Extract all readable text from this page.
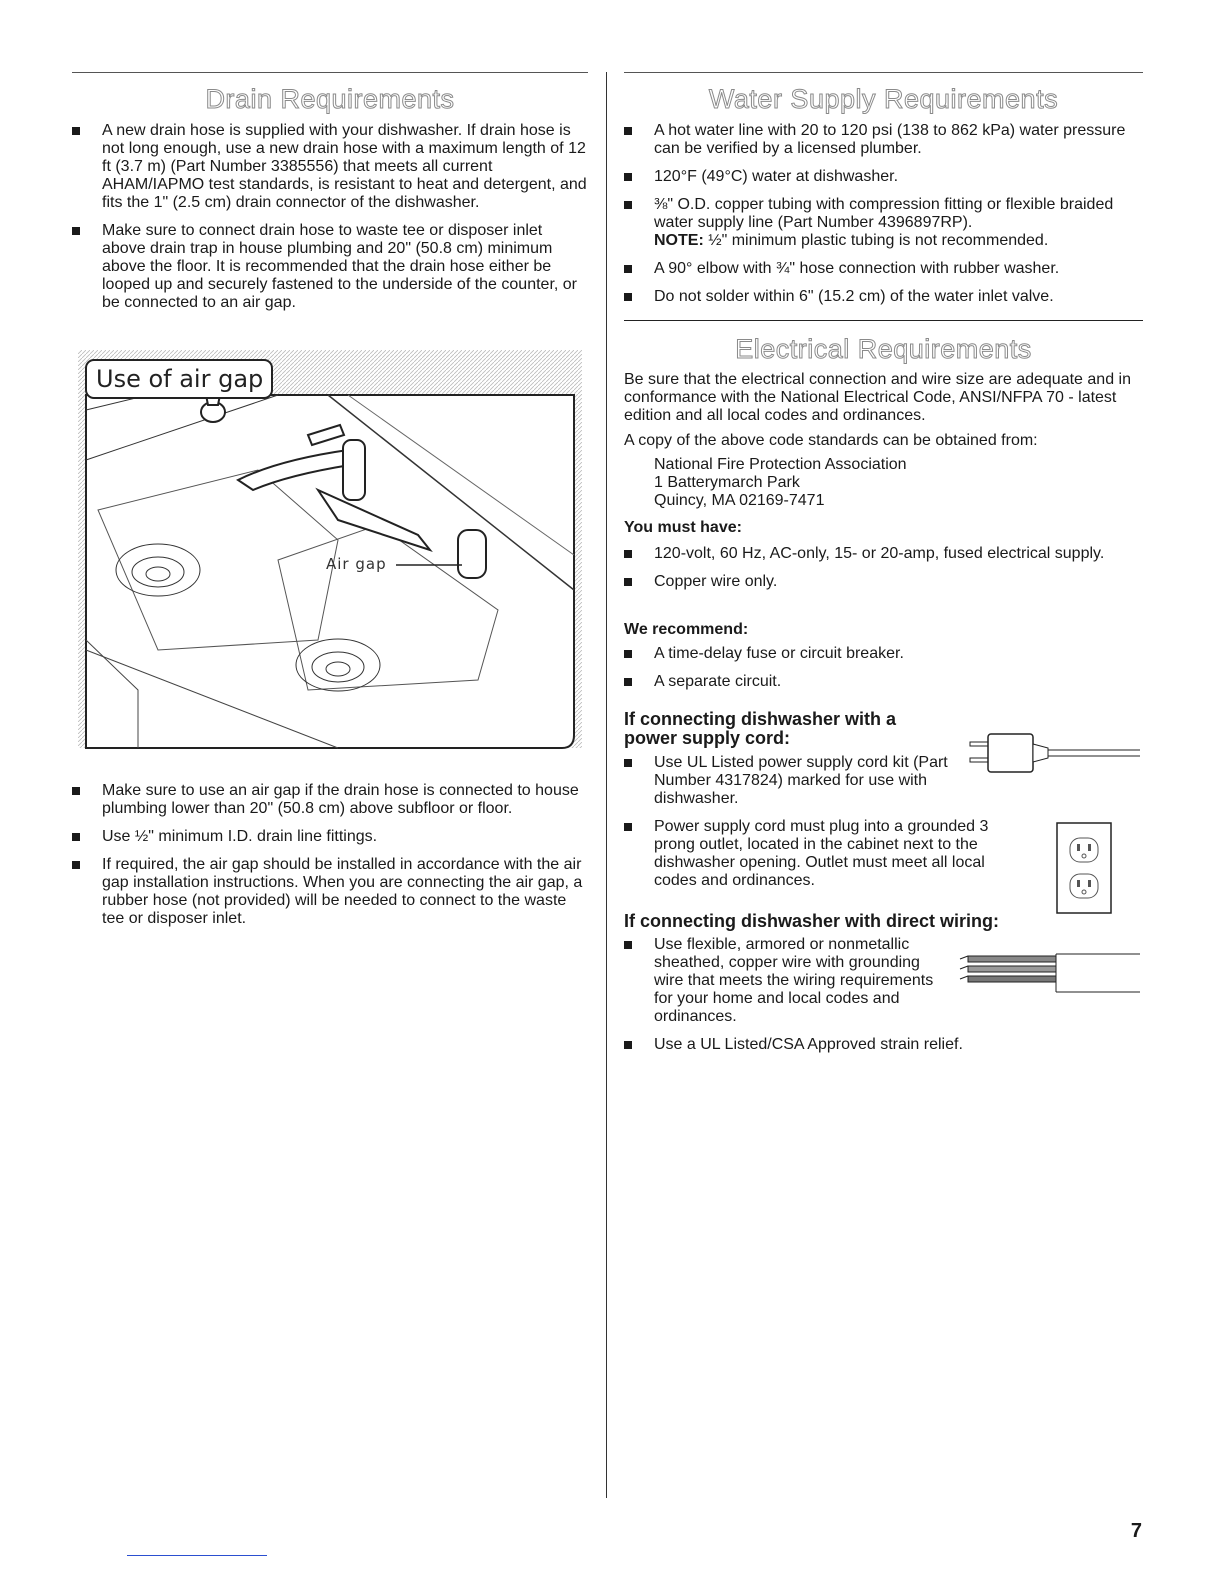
Drain Requirements
A new drain hose is supplied with your dishwasher. If drain hose is not long enough, use a new drain hose with a maximum length of 12 ft (3.7 m) (Part Number 3385556) that meets all current AHAM/IAPMO test standards, is resistant to heat and detergent, and fits the 1" (2.5 cm) drain connector of the dishwasher.
Make sure to connect drain hose to waste tee or disposer inlet above drain trap in house plumbing and 20" (50.8 cm) minimum above the floor. It is recommended that the drain hose either be looped up and securely fastened to the underside of the counter, or be connected to an air gap.
Use of air gap
Air gap
Make sure to use an air gap if the drain hose is connected to house plumbing lower than 20" (50.8 cm) above subfloor or floor.
Use ½" minimum I.D. drain line fittings.
If required, the air gap should be installed in accordance with the air gap installation instructions. When you are connecting the air gap, a rubber hose (not provided) will be needed to connect to the waste tee or disposer inlet.
Water Supply Requirements
A hot water line with 20 to 120 psi (138 to 862 kPa) water pressure can be verified by a licensed plumber.
120°F (49°C) water at dishwasher.
⅜" O.D. copper tubing with compression fitting or flexible braided water supply line (Part Number 4396897RP).
NOTE: ½" minimum plastic tubing is not recommended.
A 90° elbow with ¾" hose connection with rubber washer.
Do not solder within 6" (15.2 cm) of the water inlet valve.
Electrical Requirements

Be sure that the electrical connection and wire size are adequate and in conformance with the National Electrical Code, ANSI/NFPA 70 - latest edition and all local codes and ordinances.

A copy of the above code standards can be obtained from:

National Fire Protection Association
1 Batterymarch Park
Quincy, MA 02169-7471

You must have:

120-volt, 60 Hz, AC-only, 15- or 20-amp, fused electrical supply.
Copper wire only.

We recommend:

A time-delay fuse or circuit breaker.
A separate circuit.

If connecting dishwasher with a power supply cord:

Use UL Listed power supply cord kit (Part Number 4317824) marked for use with dishwasher.
Power supply cord must plug into a grounded 3 prong outlet, located in the cabinet next to the dishwasher opening. Outlet must meet all local codes and ordinances.

If connecting dishwasher with direct wiring:

Use flexible, armored or nonmetallic sheathed, copper wire with grounding wire that meets the wiring requirements for your home and local codes and ordinances.
Use a UL Listed/CSA Approved strain relief.
7
